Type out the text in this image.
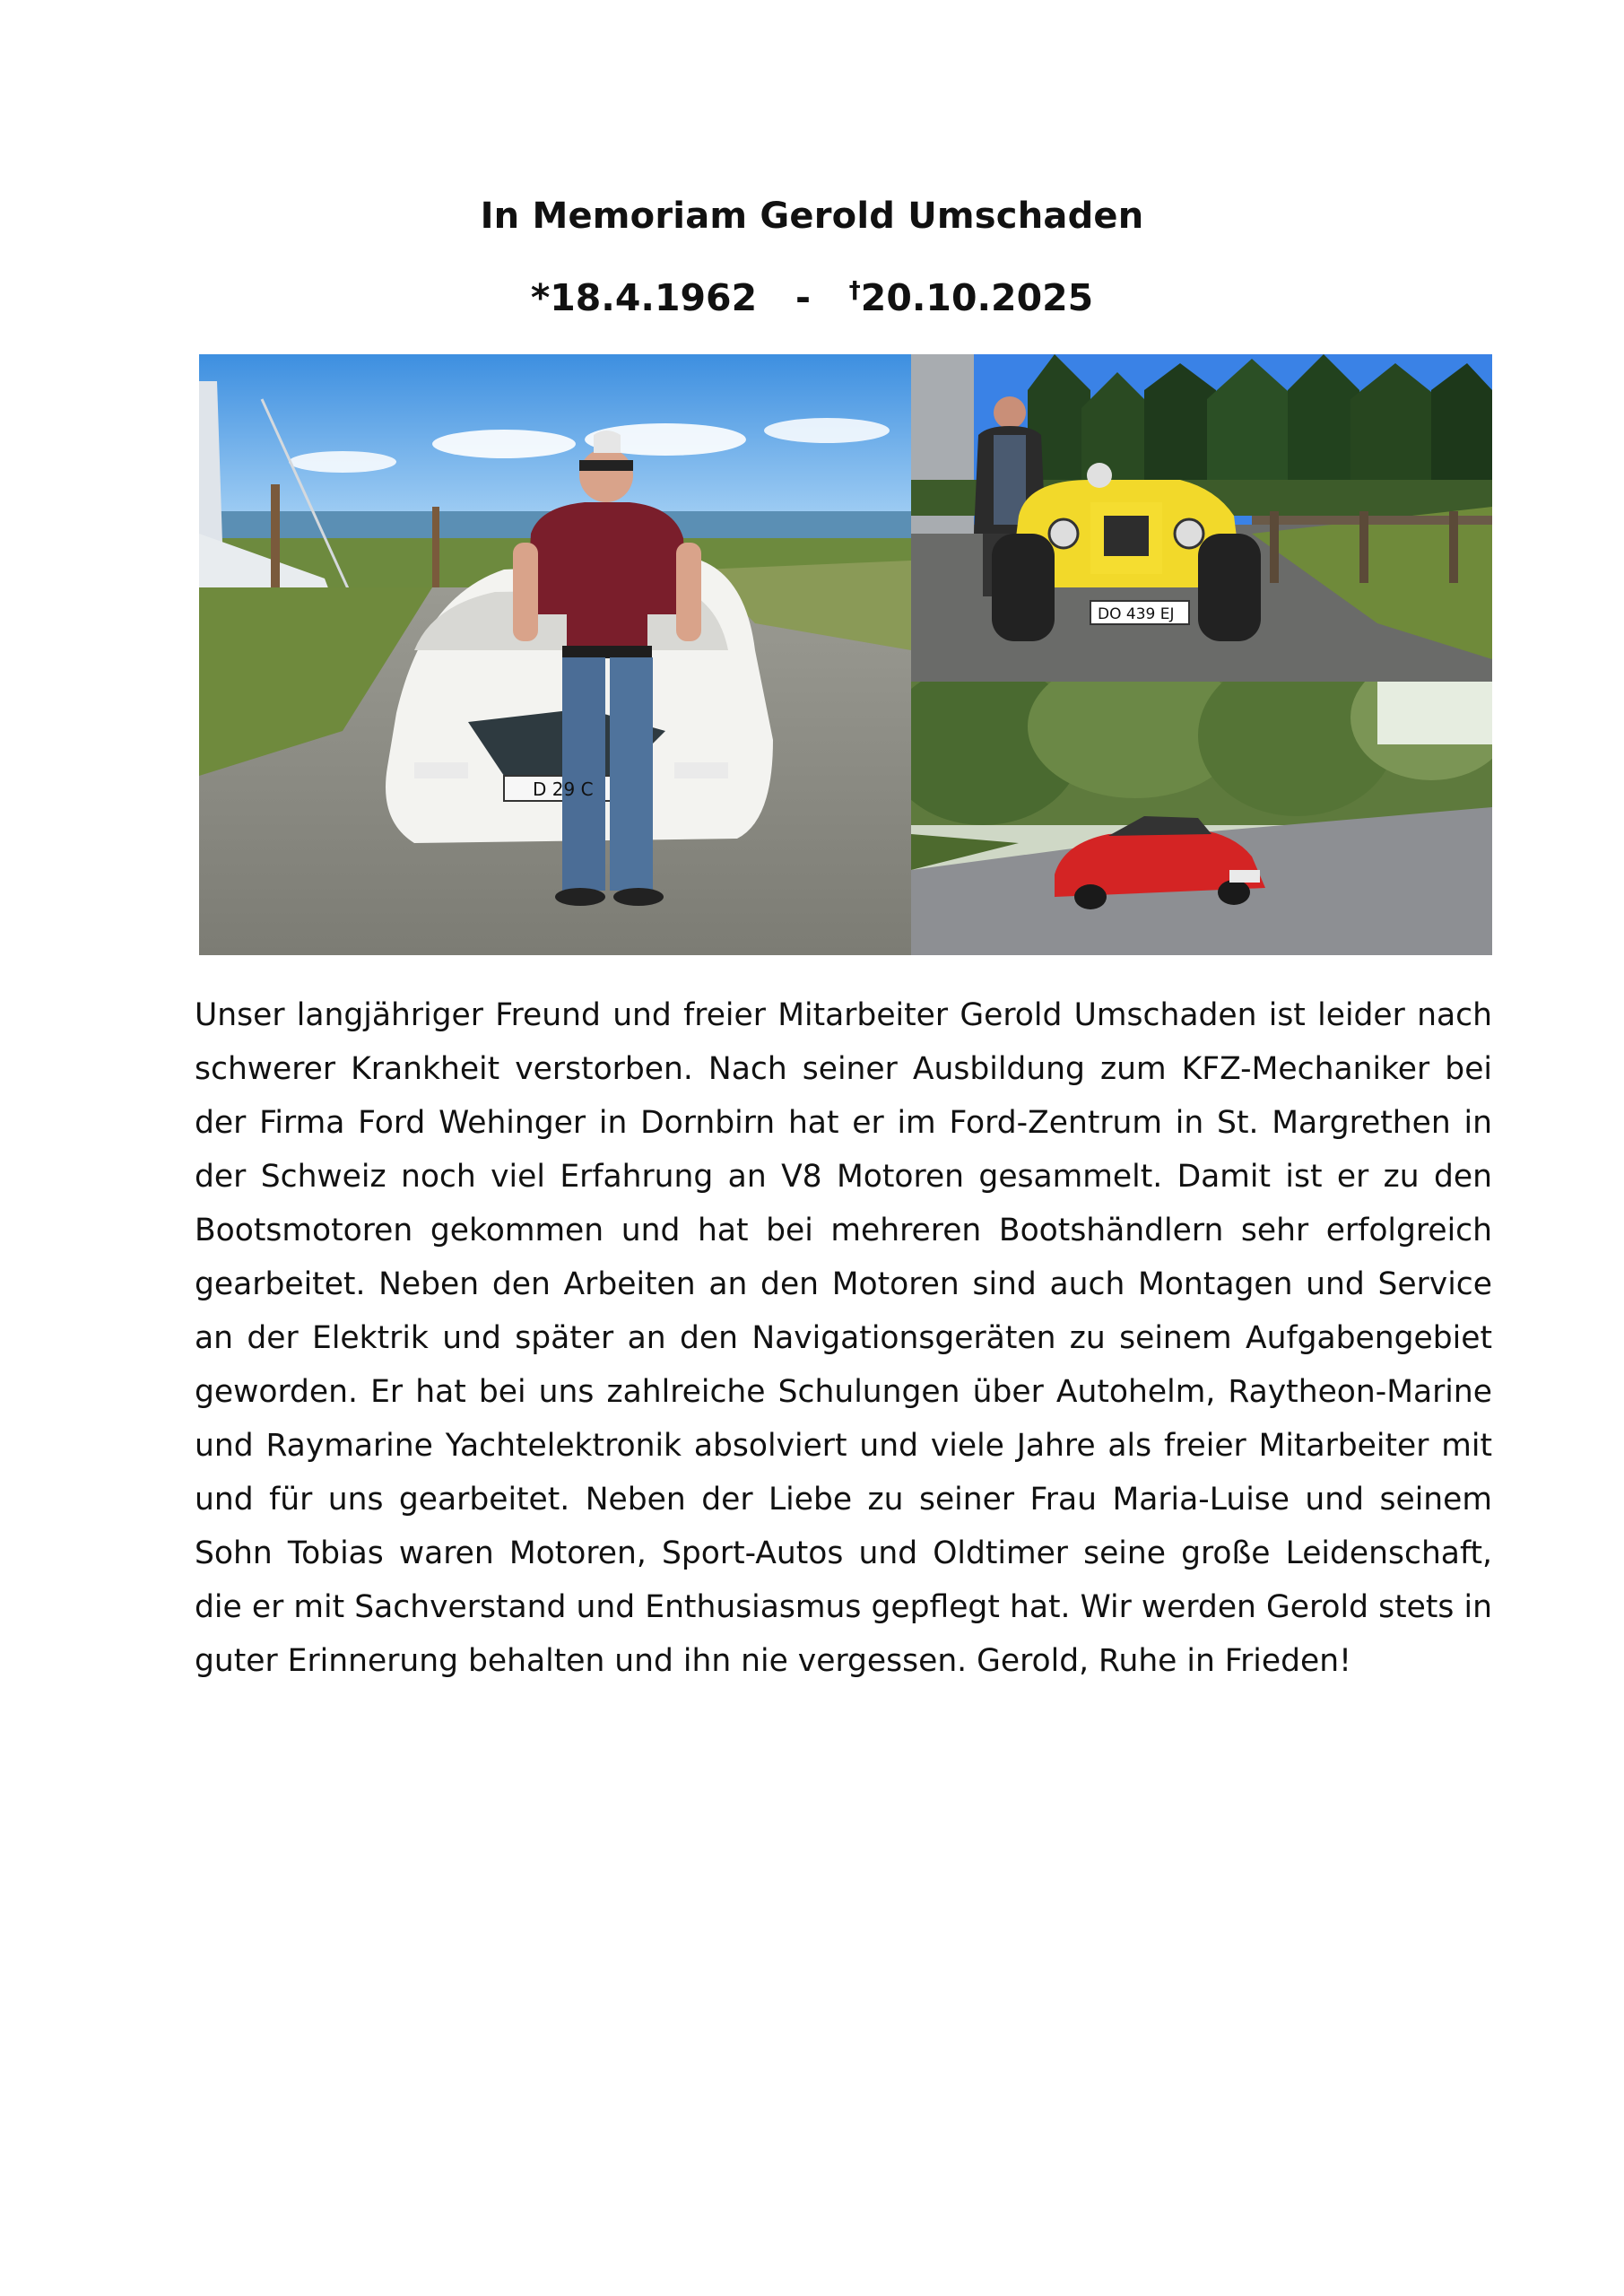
In Memoriam Gerold Umschaden
*18.4.1962 - †20.10.2025
D 29 C
DO 439 EJ

Unser langjähriger Freund und freier Mitarbeiter Gerold Umschaden ist leider nach schwerer Krankheit verstorben. Nach seiner Ausbildung zum KFZ-Mechaniker bei der Firma Ford Wehinger in Dornbirn hat er im Ford-Zentrum in St. Margrethen in der Schweiz noch viel Erfahrung an V8 Motoren gesammelt. Damit ist er zu den Bootsmotoren gekommen und hat bei mehreren Bootshändlern sehr erfolgreich gearbeitet. Neben den Arbeiten an den Motoren sind auch Montagen und Service an der Elektrik und später an den Navigationsgeräten zu seinem Aufgabengebiet geworden. Er hat bei uns zahlreiche Schulungen über Autohelm, Raytheon-Marine und Raymarine Yachtelektronik absolviert und viele Jahre als freier Mitarbeiter mit und für uns gearbeitet. Neben der Liebe zu seiner Frau Maria-Luise und seinem Sohn Tobias waren Motoren, Sport-Autos und Oldtimer seine große Leidenschaft, die er mit Sachverstand und Enthusiasmus gepflegt hat. Wir werden Gerold stets in guter Erinnerung behalten und ihn nie vergessen. Gerold, Ruhe in Frieden!
